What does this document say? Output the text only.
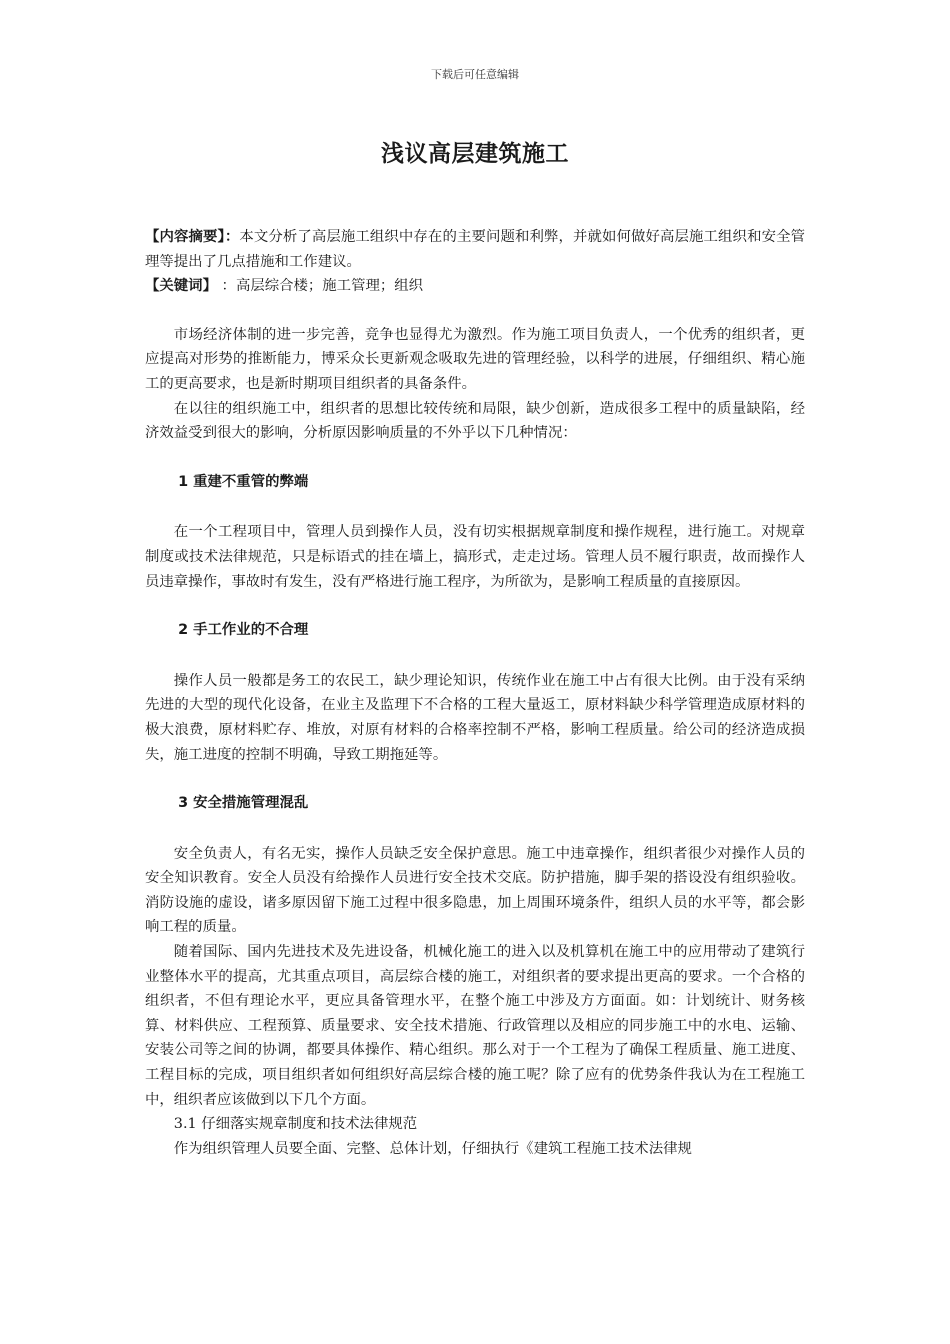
下载后可任意编辑
浅议高层建筑施工

【内容摘要】：本文分析了高层施工组织中存在的主要问题和利弊，并就如何做好高层施工组织和安全管理等提出了几点措施和工作建议。

【关键词】 ：高层综合楼；施工管理；组织

市场经济体制的进一步完善，竞争也显得尤为激烈。作为施工项目负责人，一个优秀的组织者，更应提高对形势的推断能力，博采众长更新观念吸取先进的管理经验，以科学的进展，仔细组织、精心施工的更高要求，也是新时期项目组织者的具备条件。

在以往的组织施工中，组织者的思想比较传统和局限，缺少创新，造成很多工程中的质量缺陷，经济效益受到很大的影响，分析原因影响质量的不外乎以下几种情况：

1 重建不重管的弊端

在一个工程项目中，管理人员到操作人员，没有切实根据规章制度和操作规程，进行施工。对规章制度或技术法律规范，只是标语式的挂在墙上，搞形式，走走过场。管理人员不履行职责，故而操作人员违章操作，事故时有发生，没有严格进行施工程序，为所欲为，是影响工程质量的直接原因。

2 手工作业的不合理

操作人员一般都是务工的农民工，缺少理论知识，传统作业在施工中占有很大比例。由于没有采纳先进的大型的现代化设备，在业主及监理下不合格的工程大量返工，原材料缺少科学管理造成原材料的极大浪费，原材料贮存、堆放，对原有材料的合格率控制不严格，影响工程质量。给公司的经济造成损失，施工进度的控制不明确，导致工期拖延等。

3 安全措施管理混乱

安全负责人，有名无实，操作人员缺乏安全保护意思。施工中违章操作，组织者很少对操作人员的安全知识教育。安全人员没有给操作人员进行安全技术交底。防护措施，脚手架的搭设没有组织验收。消防设施的虚设，诸多原因留下施工过程中很多隐患，加上周围环境条件，组织人员的水平等，都会影响工程的质量。

随着国际、国内先进技术及先进设备，机械化施工的进入以及机算机在施工中的应用带动了建筑行业整体水平的提高，尤其重点项目，高层综合楼的施工，对组织者的要求提出更高的要求。一个合格的组织者，不但有理论水平，更应具备管理水平，在整个施工中涉及方方面面。如：计划统计、财务核算、材料供应、工程预算、质量要求、安全技术措施、行政管理以及相应的同步施工中的水电、运输、安装公司等之间的协调，都要具体操作、精心组织。那么对于一个工程为了确保工程质量、施工进度、工程目标的完成，项目组织者如何组织好高层综合楼的施工呢？除了应有的优势条件我认为在工程施工中，组织者应该做到以下几个方面。

3.1 仔细落实规章制度和技术法律规范

作为组织管理人员要全面、完整、总体计划，仔细执行《建筑工程施工技术法律规
